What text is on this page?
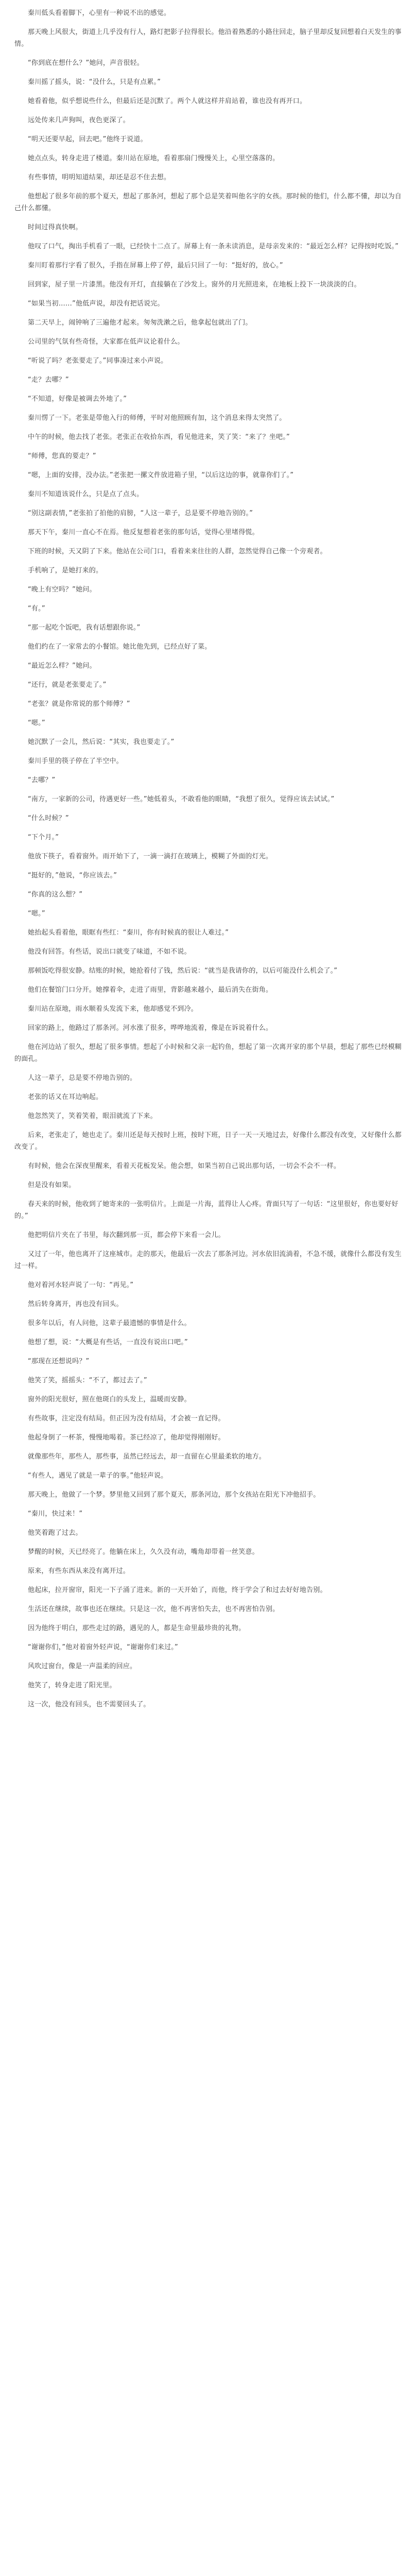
秦川低头看着脚下，心里有一种说不出的感觉。

那天晚上风很大，街道上几乎没有行人，路灯把影子拉得很长。他沿着熟悉的小路往回走，脑子里却反复回想着白天发生的事情。

“你到底在想什么？”她问，声音很轻。

秦川摇了摇头，说：“没什么，只是有点累。”

她看着他，似乎想说些什么，但最后还是沉默了。两个人就这样并肩站着，谁也没有再开口。

远处传来几声狗叫，夜色更深了。

“明天还要早起，回去吧。”他终于说道。

她点点头，转身走进了楼道。秦川站在原地，看着那扇门慢慢关上，心里空落落的。

有些事情，明明知道结果，却还是忍不住去想。

他想起了很多年前的那个夏天，想起了那条河，想起了那个总是笑着叫他名字的女孩。那时候的他们，什么都不懂，却以为自己什么都懂。

时间过得真快啊。

他叹了口气，掏出手机看了一眼，已经快十二点了。屏幕上有一条未读消息，是母亲发来的：“最近怎么样？记得按时吃饭。”

秦川盯着那行字看了很久，手指在屏幕上停了停，最后只回了一句：“挺好的，放心。”

回到家，屋子里一片漆黑。他没有开灯，直接躺在了沙发上。窗外的月光照进来，在地板上投下一块淡淡的白。

“如果当初……”他低声说，却没有把话说完。

第二天早上，闹钟响了三遍他才起来。匆匆洗漱之后，他拿起包就出了门。

公司里的气氛有些奇怪，大家都在低声议论着什么。

“听说了吗？老张要走了。”同事凑过来小声说。

“走？去哪？”

“不知道，好像是被调去外地了。”

秦川愣了一下。老张是带他入行的师傅，平时对他照顾有加，这个消息来得太突然了。

中午的时候，他去找了老张。老张正在收拾东西，看见他进来，笑了笑：“来了？坐吧。”

“师傅，您真的要走？”

“嗯，上面的安排，没办法。”老张把一摞文件放进箱子里，“以后这边的事，就靠你们了。”

秦川不知道该说什么，只是点了点头。

“别这副表情，”老张拍了拍他的肩膀，“人这一辈子，总是要不停地告别的。”

那天下午，秦川一直心不在焉。他反复想着老张的那句话，觉得心里堵得慌。

下班的时候，天又阴了下来。他站在公司门口，看着来来往往的人群，忽然觉得自己像一个旁观者。

手机响了，是她打来的。

“晚上有空吗？”她问。

“有。”

“那一起吃个饭吧，我有话想跟你说。”

他们约在了一家常去的小餐馆。她比他先到，已经点好了菜。

“最近怎么样？”她问。

“还行，就是老张要走了。”

“老张？就是你常说的那个师傅？”

“嗯。”

她沉默了一会儿，然后说：“其实，我也要走了。”

秦川手里的筷子停在了半空中。

“去哪？”

“南方，一家新的公司，待遇更好一些。”她低着头，不敢看他的眼睛，“我想了很久，觉得应该去试试。”

“什么时候？”

“下个月。”

他放下筷子，看着窗外。雨开始下了，一滴一滴打在玻璃上，模糊了外面的灯光。

“挺好的，”他说，“你应该去。”

“你真的这么想？”

“嗯。”

她抬起头看着他，眼眶有些红：“秦川，你有时候真的很让人难过。”

他没有回答。有些话，说出口就变了味道，不如不说。

那顿饭吃得很安静。结账的时候，她抢着付了钱，然后说：“就当是我请你的，以后可能没什么机会了。”

他们在餐馆门口分开。她撑着伞，走进了雨里，背影越来越小，最后消失在街角。

秦川站在原地，雨水顺着头发流下来，他却感觉不到冷。

回家的路上，他路过了那条河。河水涨了很多，哗哗地流着，像是在诉说着什么。

他在河边站了很久，想起了很多事情。想起了小时候和父亲一起钓鱼，想起了第一次离开家的那个早晨，想起了那些已经模糊的面孔。

人这一辈子，总是要不停地告别的。

老张的话又在耳边响起。

他忽然笑了，笑着笑着，眼泪就流了下来。

后来，老张走了，她也走了。秦川还是每天按时上班，按时下班，日子一天一天地过去，好像什么都没有改变，又好像什么都改变了。

有时候，他会在深夜里醒来，看着天花板发呆。他会想，如果当初自己说出那句话，一切会不会不一样。

但是没有如果。

春天来的时候，他收到了她寄来的一张明信片。上面是一片海，蓝得让人心疼。背面只写了一句话：“这里很好，你也要好好的。”

他把明信片夹在了书里，每次翻到那一页，都会停下来看一会儿。

又过了一年，他也离开了这座城市。走的那天，他最后一次去了那条河边。河水依旧流淌着，不急不缓，就像什么都没有发生过一样。

他对着河水轻声说了一句：“再见。”

然后转身离开，再也没有回头。

很多年以后，有人问他，这辈子最遗憾的事情是什么。

他想了想，说：“大概是有些话，一直没有说出口吧。”

“那现在还想说吗？”

他笑了笑，摇摇头：“不了，都过去了。”

窗外的阳光很好，照在他斑白的头发上，温暖而安静。

有些故事，注定没有结局。但正因为没有结局，才会被一直记得。

他起身倒了一杯茶，慢慢地喝着。茶已经凉了，他却觉得刚刚好。

就像那些年，那些人，那些事，虽然已经远去，却一直留在心里最柔软的地方。

“有些人，遇见了就是一辈子的事。”他轻声说。

那天晚上，他做了一个梦。梦里他又回到了那个夏天，那条河边，那个女孩站在阳光下冲他招手。

“秦川，快过来！”

他笑着跑了过去。

梦醒的时候，天已经亮了。他躺在床上，久久没有动，嘴角却带着一丝笑意。

原来，有些东西从来没有离开过。

他起床，拉开窗帘，阳光一下子涌了进来。新的一天开始了，而他，终于学会了和过去好好地告别。

生活还在继续，故事也还在继续。只是这一次，他不再害怕失去，也不再害怕告别。

因为他终于明白，那些走过的路，遇见的人，都是生命里最珍贵的礼物。

“谢谢你们，”他对着窗外轻声说，“谢谢你们来过。”

风吹过窗台，像是一声温柔的回应。

他笑了，转身走进了阳光里。

这一次，他没有回头，也不需要回头了。
